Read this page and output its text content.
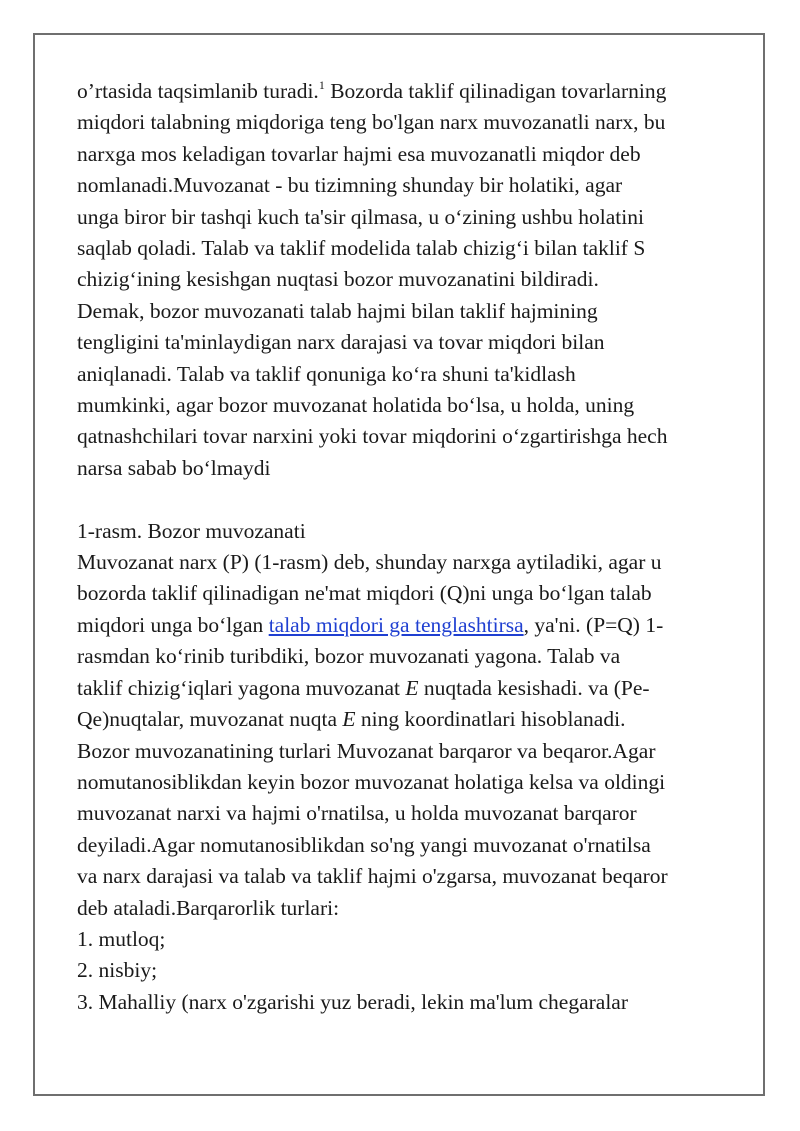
o’rtasida taqsimlanib turadi.$^1$ Bozorda taklif qilinadigan tovarlarning
miqdori talabning miqdoriga teng bo'lgan narx muvozanatli narx, bu
narxga mos keladigan tovarlar hajmi esa muvozanatli miqdor deb
nomlanadi.Muvozanat - bu tizimning shunday bir holatiki, agar
unga biror bir tashqi kuch ta'sir qilmasa, u o‘zining ushbu holatini
saqlab qoladi. Talab va taklif modelida talab chizig‘i bilan taklif S
chizig‘ining kesishgan nuqtasi bozor muvozanatini bildiradi.
Demak, bozor muvozanati talab hajmi bilan taklif hajmining
tengligini ta'minlaydigan narx darajasi va tovar miqdori bilan
aniqlanadi. Talab va taklif qonuniga ko‘ra shuni ta'kidlash
mumkinki, agar bozor muvozanat holatida bo‘lsa, u holda, uning
qatnashchilari tovar narxini yoki tovar miqdorini o‘zgartirishga hech
narsa sabab bo‘lmaydi
1-rasm. Bozor muvozanati
Muvozanat narx (P) (1-rasm) deb, shunday narxga aytiladiki, agar u
bozorda taklif qilinadigan ne'mat miqdori (Q)ni unga bo‘lgan talab
miqdori unga bo‘lgan talab miqdori ga tenglashtirsa, ya'ni. (P=Q) 1-
rasmdan ko‘rinib turibdiki, bozor muvozanati yagona. Talab va
taklif chizig‘iqlari yagona muvozanat E nuqtada kesishadi. va (Pe-
Qe)nuqtalar, muvozanat nuqta E ning koordinatlari hisoblanadi.
Bozor muvozanatining turlari Muvozanat barqaror va beqaror.Agar
nomutanosiblikdan keyin bozor muvozanat holatiga kelsa va oldingi
muvozanat narxi va hajmi o'rnatilsa, u holda muvozanat barqaror
deyiladi.Agar nomutanosiblikdan so'ng yangi muvozanat o'rnatilsa
va narx darajasi va talab va taklif hajmi o'zgarsa, muvozanat beqaror
deb ataladi.Barqarorlik turlari:
1. mutloq;
2. nisbiy;
3. Mahalliy (narx o'zgarishi yuz beradi, lekin ma'lum chegaralar
